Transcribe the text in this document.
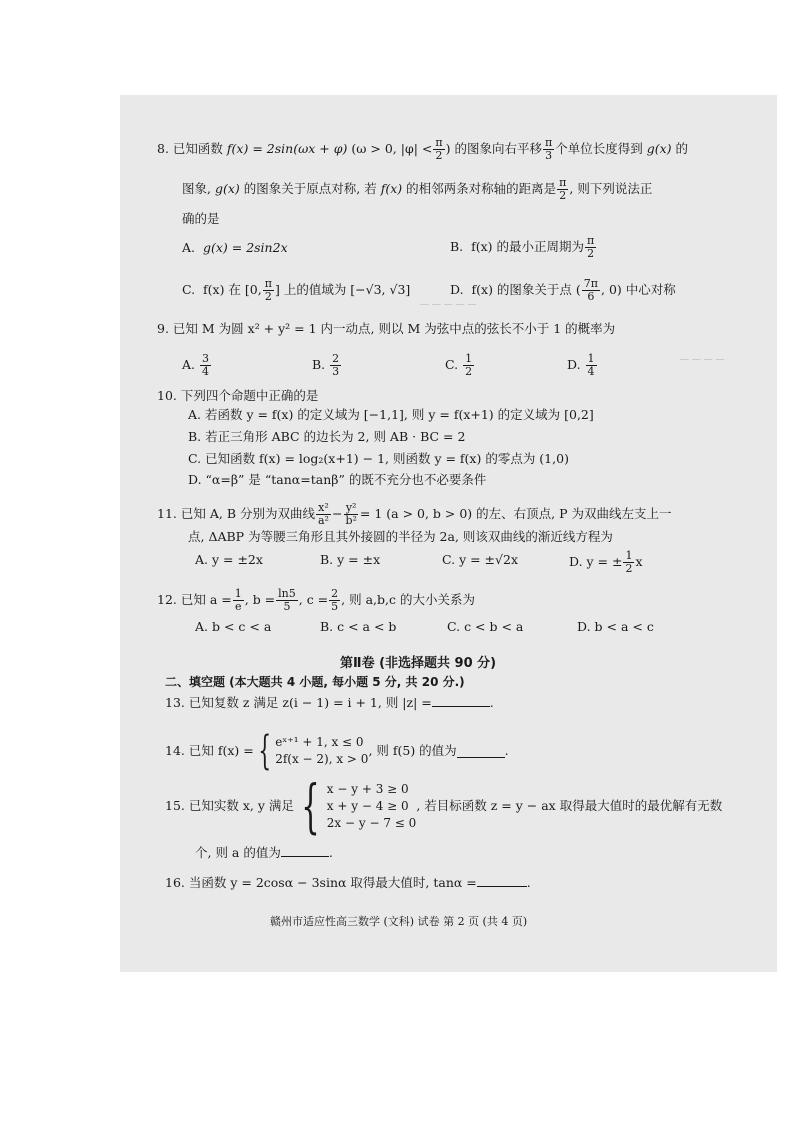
— — — — —
— — — —
8. 已知函数 f(x) = 2sin(ωx + φ) (ω > 0, $|\varphi| < \frac{\pi}{2}$ ) 的图象向右平移 $\frac{\pi}{3}$ 个单位长度得到 g(x) 的
图象, g(x) 的图象关于原点对称, 若 f(x) 的相邻两条对称轴的距离是 $\frac{\pi}{2}$ , 则下列说法正
确的是
A. g(x) = 2sin2x	B. f(x) 的最小正周期为 $\frac{\pi}{2}$
C. f(x) 在 [0, $\frac{\pi}{2}$ ] 上的值域为 [−√3, √3]	D. f(x) 的图象关于点 ( $\frac{7\pi}{6}$ , 0) 中心对称
9. 已知 M 为圆 x² + y² = 1 内一动点, 则以 M 为弦中点的弦长不小于 1 的概率为
A. $\frac{3}{4}$	B. $\frac{2}{3}$	C. $\frac{1}{2}$	D. $\frac{1}{4}$
10. 下列四个命题中正确的是
A. 若函数 y = f(x) 的定义域为 [−1,1], 则 y = f(x+1) 的定义域为 [0,2]
B. 若正三角形 ABC 的边长为 2, 则 AB · BC = 2
C. 已知函数 f(x) = log₂(x+1) − 1, 则函数 y = f(x) 的零点为 (1,0)
D. “α=β” 是 “tanα=tanβ” 的既不充分也不必要条件
11. 已知 A, B 分别为双曲线 $\frac{\text{x²}}{\text{a²}} - \frac{\text{y²}}{\text{b²}} = 1$ (a > 0, b > 0) 的左、右顶点, P 为双曲线左支上一
点, ΔABP 为等腰三角形且其外接圆的半径为 2a, 则该双曲线的渐近线方程为
A. y = ±2x	B. y = ±x	C. y = ±√2x	D. y = ± $\frac{1}{2}$ x
12. 已知 $a = \frac{1}{e}$ , $b = \frac{\ln 5}{5}$ , $c = \frac{2}{5}$ , 则 a,b,c 的大小关系为
A. b < c < a	B. c < a < b	C. c < b < a	D. b < a < c
第Ⅱ卷 (非选择题共 90 分)
二、填空题 (本大题共 4 小题, 每小题 5 分, 共 20 分.)
13. 已知复数 z 满足 z(i − 1) = i + 1, 则 |z| =	.
14. 已知 f(x) = { eˣ⁺¹ + 1, x ≤ 0
2f(x − 2), x > 0
, 则 f(5) 的值为	.
15. 已知实数 x, y 满足 { x − y + 3 ≥ 0
x + y − 4 ≥ 0
2x − y − 7 ≤ 0
, 若目标函数 z = y − ax 取得最大值时的最优解有无数
个, 则 a 的值为	.
16. 当函数 y = 2cosα − 3sinα 取得最大值时, tanα =	.
赣州市适应性高三数学 (文科) 试卷 第 2 页 (共 4 页)
